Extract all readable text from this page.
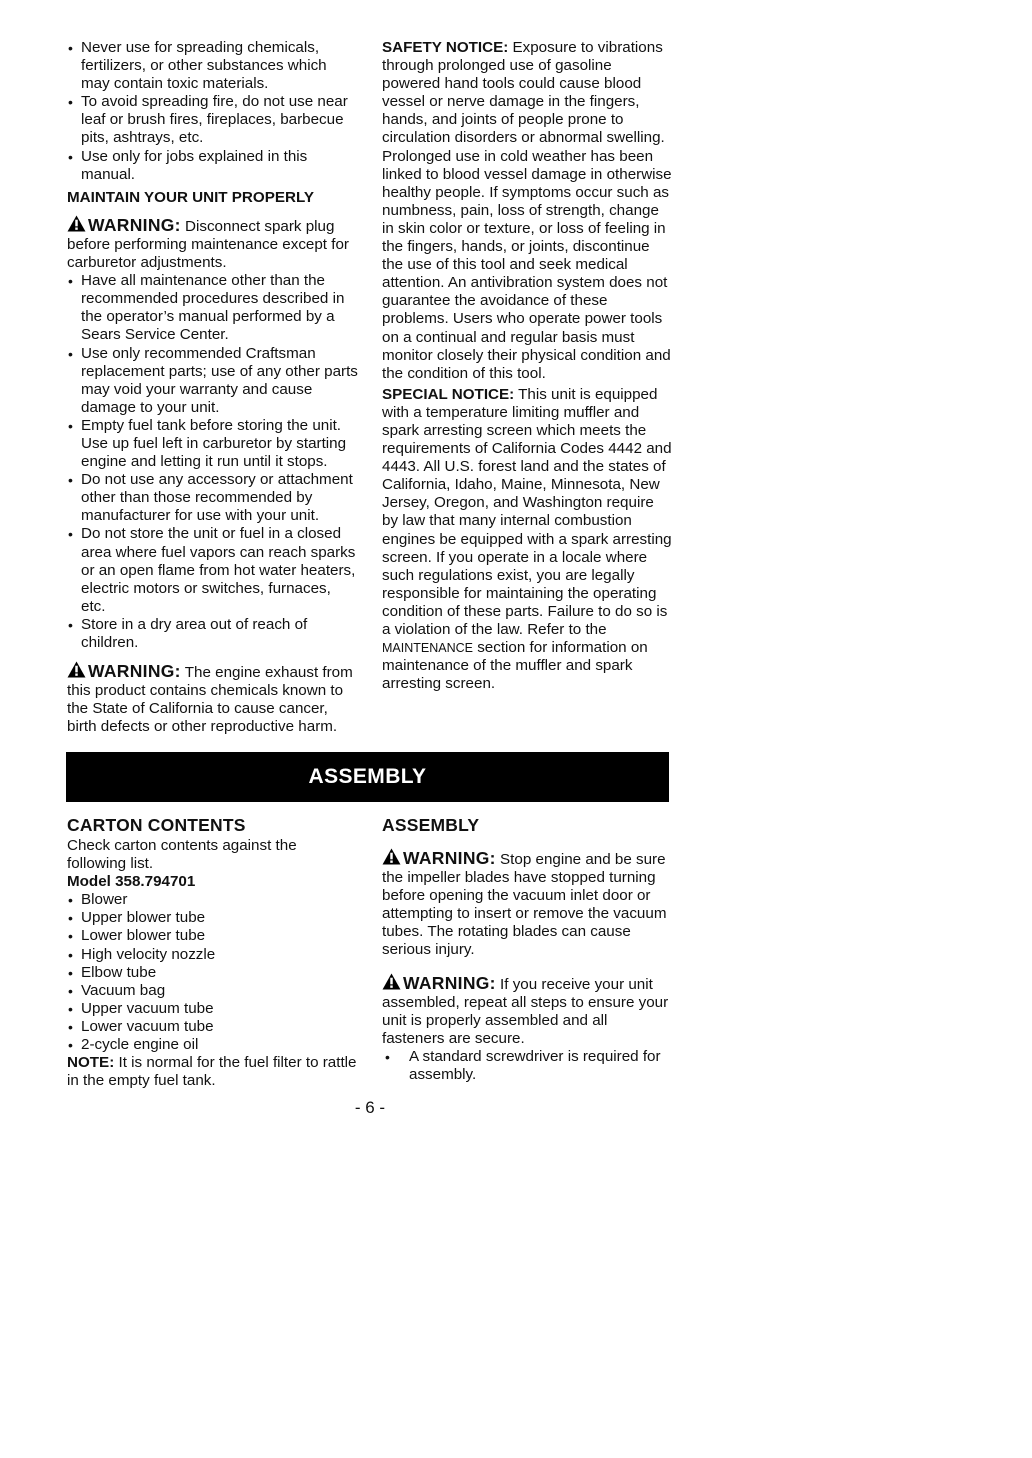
• Never use for spreading chemicals, fertilizers, or other substances which may contain toxic materials.
• To avoid spreading fire, do not use near leaf or brush fires, fireplaces, barbecue pits, ashtrays, etc.
• Use only for jobs explained in this manual.
MAINTAIN YOUR UNIT PROPERLY

WARNING: Disconnect spark plug before performing maintenance except for carburetor adjustments.

• Have all maintenance other than the recommended procedures described in the operator’s manual performed by a Sears Service Center.
• Use only recommended Craftsman replacement parts; use of any other parts may void your warranty and cause damage to your unit.
• Empty fuel tank before storing the unit. Use up fuel left in carburetor by starting engine and letting it run until it stops.
• Do not use any accessory or attachment other than those recommended by manufacturer for use with your unit.
• Do not store the unit or fuel in a closed area where fuel vapors can reach sparks or an open flame from hot water heaters, electric motors or switches, furnaces, etc.
• Store in a dry area out of reach of children.

WARNING: The engine exhaust from this product contains chemicals known to the State of California to cause cancer, birth defects or other reproductive harm.

SAFETY NOTICE: Exposure to vibrations through prolonged use of gasoline powered hand tools could cause blood vessel or nerve damage in the fingers, hands, and joints of people prone to circulation disorders or abnormal swelling. Prolonged use in cold weather has been linked to blood vessel damage in otherwise healthy people. If symptoms occur such as numbness, pain, loss of strength, change in skin color or texture, or loss of feeling in the fingers, hands, or joints, discontinue the use of this tool and seek medical attention. An antivibration system does not guarantee the avoidance of these problems. Users who operate power tools on a continual and regular basis must monitor closely their physical condition and the condition of this tool.

SPECIAL NOTICE: This unit is equipped with a temperature limiting muffler and spark arresting screen which meets the requirements of California Codes 4442 and 4443. All U.S. forest land and the states of California, Idaho, Maine, Minnesota, New Jersey, Oregon, and Washington require by law that many internal combustion engines be equipped with a spark arresting screen. If you operate in a locale where such regulations exist, you are legally responsible for maintaining the operating condition of these parts. Failure to do so is a violation of the law. Refer to the MAINTENANCE section for information on maintenance of the muffler and spark arresting screen.

ASSEMBLY
CARTON CONTENTS

Check carton contents against the following list.

Model 358.794701

• Blower
• Upper blower tube
• Lower blower tube
• High velocity nozzle
• Elbow tube
• Vacuum bag
• Upper vacuum tube
• Lower vacuum tube
• 2-cycle engine oil

NOTE: It is normal for the fuel filter to rattle in the empty fuel tank.

ASSEMBLY

WARNING: Stop engine and be sure the impeller blades have stopped turning before opening the vacuum inlet door or attempting to insert or remove the vacuum tubes. The rotating blades can cause serious injury.

WARNING: If you receive your unit assembled, repeat all steps to ensure your unit is properly assembled and all fasteners are secure.

• A standard screwdriver is required for assembly.
- 6 -
